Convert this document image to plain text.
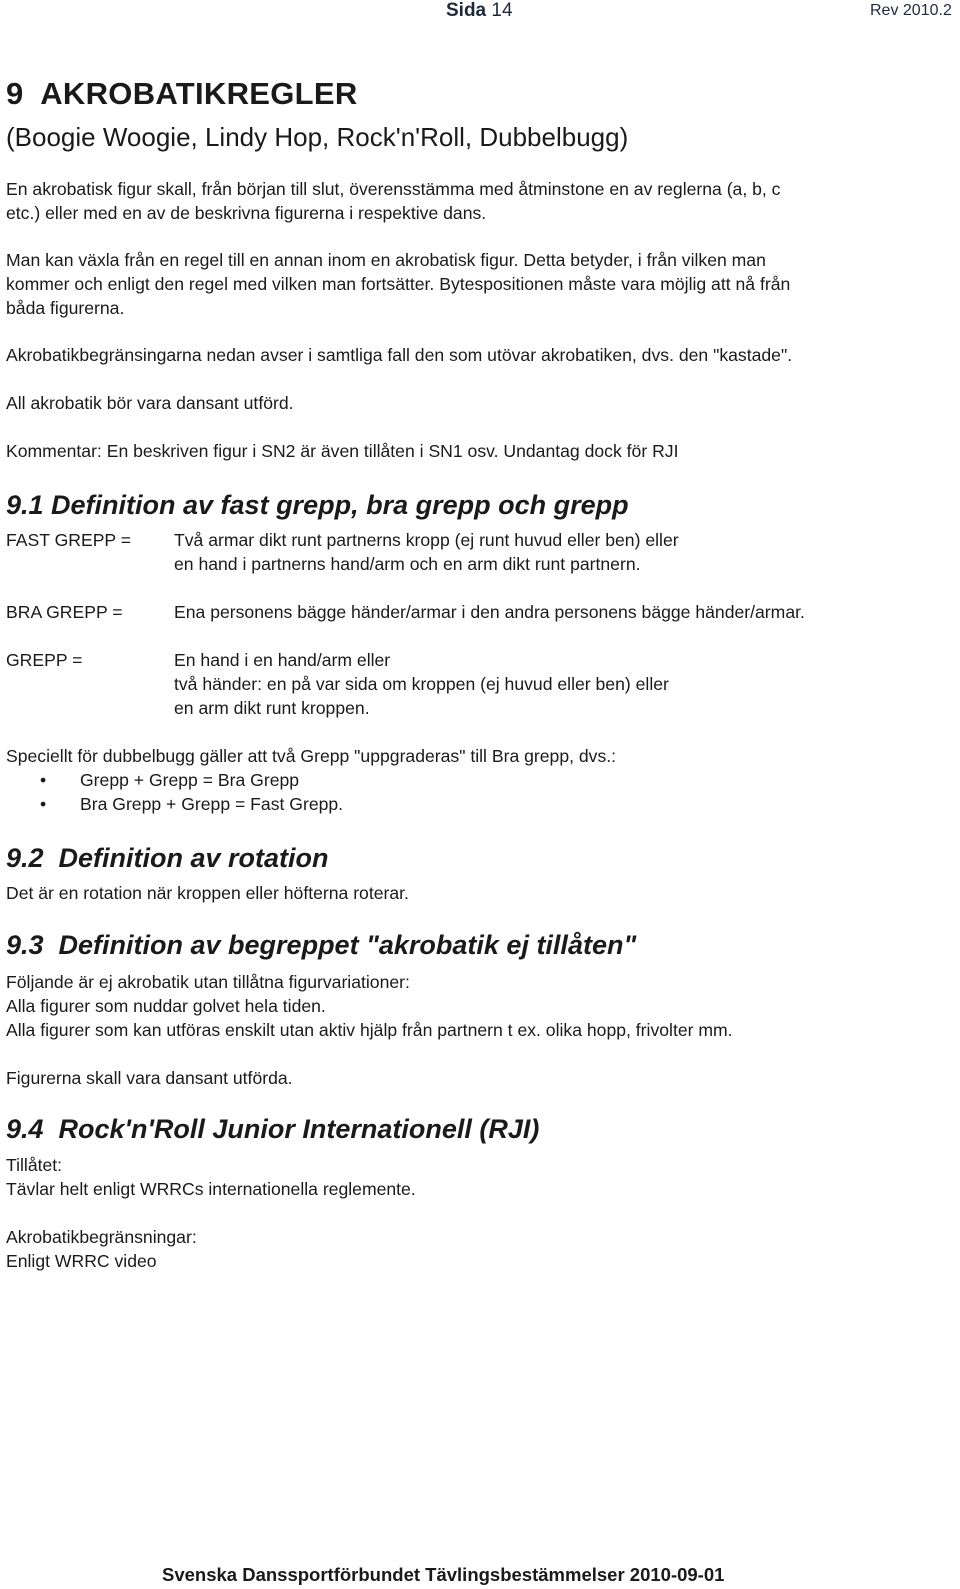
Sida 14	Rev 2010.2
9  AKROBATIKREGLER
(Boogie Woogie, Lindy Hop, Rock'n'Roll, Dubbelbugg)
En akrobatisk figur skall, från början till slut, överensstämma med åtminstone en av reglerna (a, b, c
etc.) eller med en av de beskrivna figurerna i respektive dans.
Man kan växla från en regel till en annan inom en akrobatisk figur. Detta betyder, i från vilken man
kommer och enligt den regel med vilken man fortsätter. Bytespositionen måste vara möjlig att nå från
båda figurerna.
Akrobatikbegränsingarna nedan avser i samtliga fall den som utövar akrobatiken, dvs. den "kastade".
All akrobatik bör vara dansant utförd.
Kommentar: En beskriven figur i SN2 är även tillåten i SN1 osv. Undantag dock för RJI
9.1 Definition av fast grepp, bra grepp och grepp
FAST GREPP = Två armar dikt runt partnerns kropp (ej runt huvud eller ben) eller
en hand i partnerns hand/arm och en arm dikt runt partnern.
BRA GREPP =	Ena personens bägge händer/armar i den andra personens bägge händer/armar.
GREPP =	En hand i en hand/arm eller
två händer: en på var sida om kroppen (ej huvud eller ben) eller
en arm dikt runt kroppen.
Speciellt för dubbelbugg gäller att två Grepp "uppgraderas" till Bra grepp, dvs.:
• Grepp + Grepp = Bra Grepp
• Bra Grepp + Grepp = Fast Grepp.
9.2  Definition av rotation
Det är en rotation när kroppen eller höfterna roterar.
9.3  Definition av begreppet "akrobatik ej tillåten"
Följande är ej akrobatik utan tillåtna figurvariationer:
Alla figurer som nuddar golvet hela tiden.
Alla figurer som kan utföras enskilt utan aktiv hjälp från partnern t ex. olika hopp, frivolter mm.
Figurerna skall vara dansant utförda.
9.4  Rock'n'Roll Junior Internationell (RJI)
Tillåtet:
Tävlar helt enligt WRRCs internationella reglemente.
Akrobatikbegränsningar:
Enligt WRRC video
Svenska Danssportförbundet Tävlingsbestämmelser 2010-09-01
